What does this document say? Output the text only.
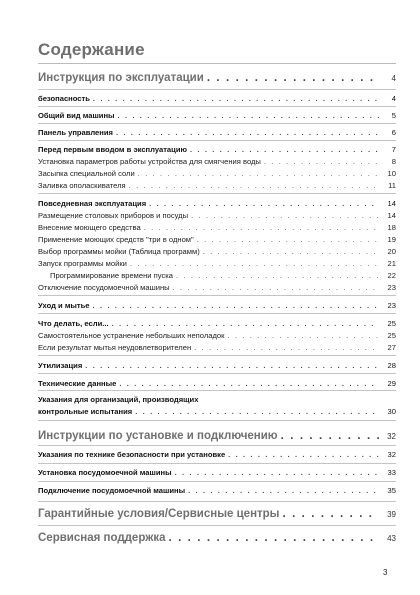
Содержание
Инструкция по эксплуатации . . .	4
безопасность . . .	4
Общий вид машины . . .	5
Панель управления . . .	6
Перед первым вводом в эксплуатацию . . .	7
Установка параметров работы устройства для смягчения воды . . .	8
Засыпка специальной соли . . .	10
Заливка ополаскивателя . . .	11
Повседневная эксплуатация . . .	14
Размещение столовых приборов и посуды . . .	14
Внесение моющего средства . . .	18
Применение моющих средств "три в одном" . . .	19
Выбор программы мойки (Таблица программ) . . .	20
Запуск программы мойки . . .	21
Программирование времени пуска . . .	22
Отключение посудомоечной машины . . .	23
Уход и мытье . . .	23
Что делать, если... . . .	25
Самостоятельное устранение небольших неполадок . . .	25
Если результат мытья неудовлетворителен . . .	27
Утилизация . . .	28
Технические данные . . .	29
Указания для организаций, производящих
контрольные испытания . . .	30
Инструкции по установке и подключению . . .	32
Указания по технике безопасности при установке . . .	32
Установка посудомоечной машины . . .	33
Подключение посудомоечной машины . . .	35
Гарантийные условия/Сервисные центры . . .	39
Сервисная поддержка . . .	43
3
